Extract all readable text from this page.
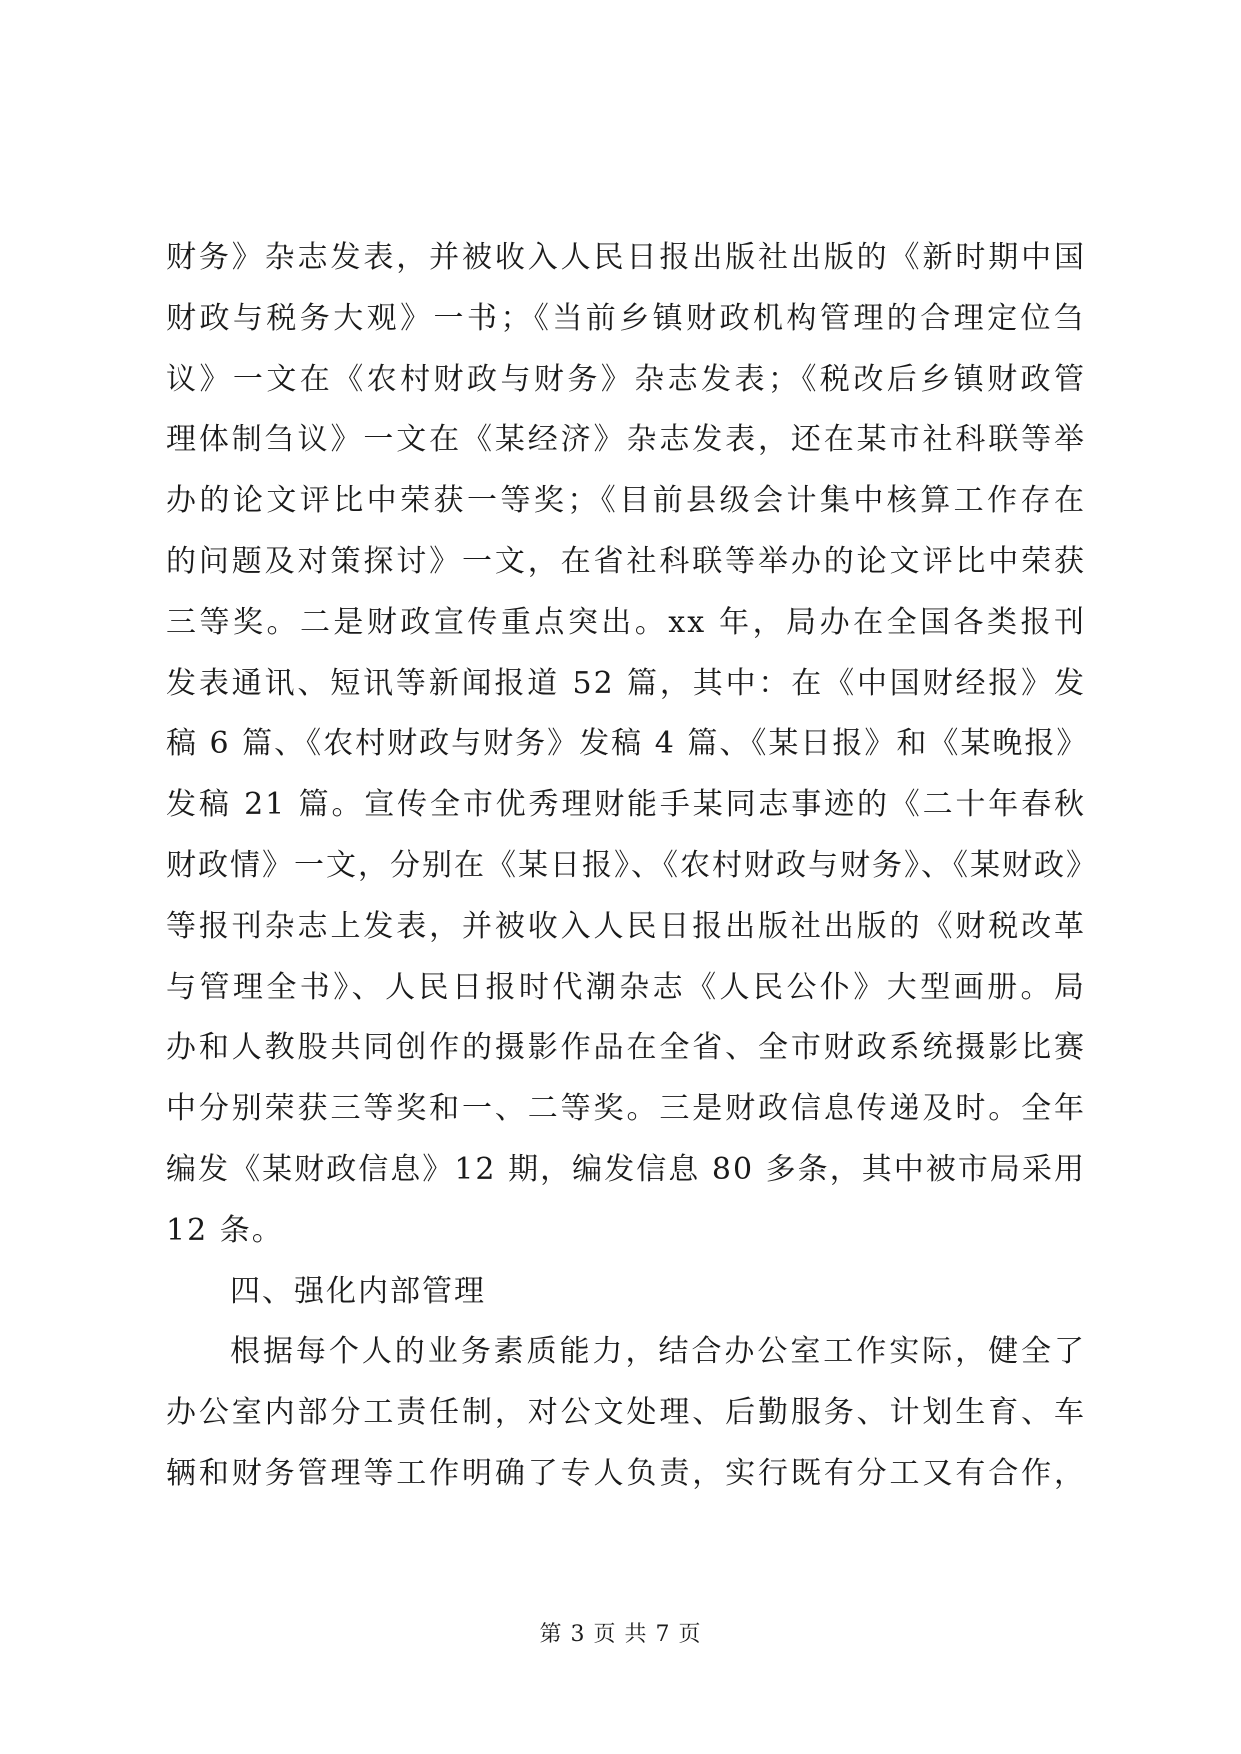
财务》杂志发表，并被收入人民日报出版社出版的《新时期中国
财政与税务大观》一书；《当前乡镇财政机构管理的合理定位刍
议》一文在《农村财政与财务》杂志发表；《税改后乡镇财政管
理体制刍议》一文在《某经济》杂志发表，还在某市社科联等举
办的论文评比中荣获一等奖；《目前县级会计集中核算工作存在
的问题及对策探讨》一文，在省社科联等举办的论文评比中荣获
三等奖。二是财政宣传重点突出。xx 年，局办在全国各类报刊
发表通讯、短讯等新闻报道 52 篇，其中：在《中国财经报》发
稿 6 篇、《农村财政与财务》发稿 4 篇、《某日报》和《某晚报》
发稿 21 篇。宣传全市优秀理财能手某同志事迹的《二十年春秋
财政情》一文，分别在《某日报》、《农村财政与财务》、《某财政》
等报刊杂志上发表，并被收入人民日报出版社出版的《财税改革
与管理全书》、人民日报时代潮杂志《人民公仆》大型画册。局
办和人教股共同创作的摄影作品在全省、全市财政系统摄影比赛
中分别荣获三等奖和一、二等奖。三是财政信息传递及时。全年
编发《某财政信息》12 期，编发信息 80 多条，其中被市局采用
12 条。
四、强化内部管理
根据每个人的业务素质能力，结合办公室工作实际，健全了
办公室内部分工责任制，对公文处理、后勤服务、计划生育、车
辆和财务管理等工作明确了专人负责，实行既有分工又有合作，
第 3 页 共 7 页
